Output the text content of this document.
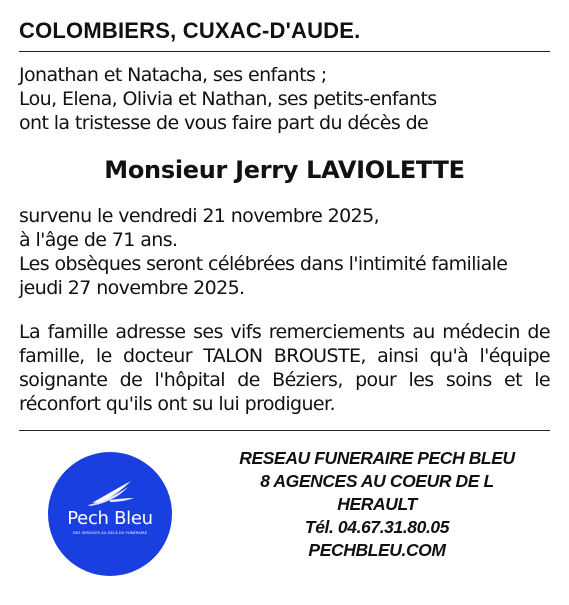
COLOMBIERS, CUXAC-D'AUDE.
Jonathan et Natacha, ses enfants ;
Lou, Elena, Olivia et Nathan, ses petits-enfants
ont la tristesse de vous faire part du décès de
Monsieur Jerry LAVIOLETTE
survenu le vendredi 21 novembre 2025,
à l'âge de 71 ans.
Les obsèques seront célébrées dans l'intimité familiale
jeudi 27 novembre 2025.
La famille adresse ses vifs remerciements au médecin de
famille, le docteur TALON BROUSTE, ainsi qu'à l'équipe
soignante de l'hôpital de Béziers, pour les soins et le
réconfort qu'ils ont su lui prodiguer.
Pech Bleu
DES SERVICES AU DELÀ DU FUNÉRAIRE
RESEAU FUNERAIRE PECH BLEU
8 AGENCES AU COEUR DE L
HERAULT
Tél. 04.67.31.80.05
PECHBLEU.COM
